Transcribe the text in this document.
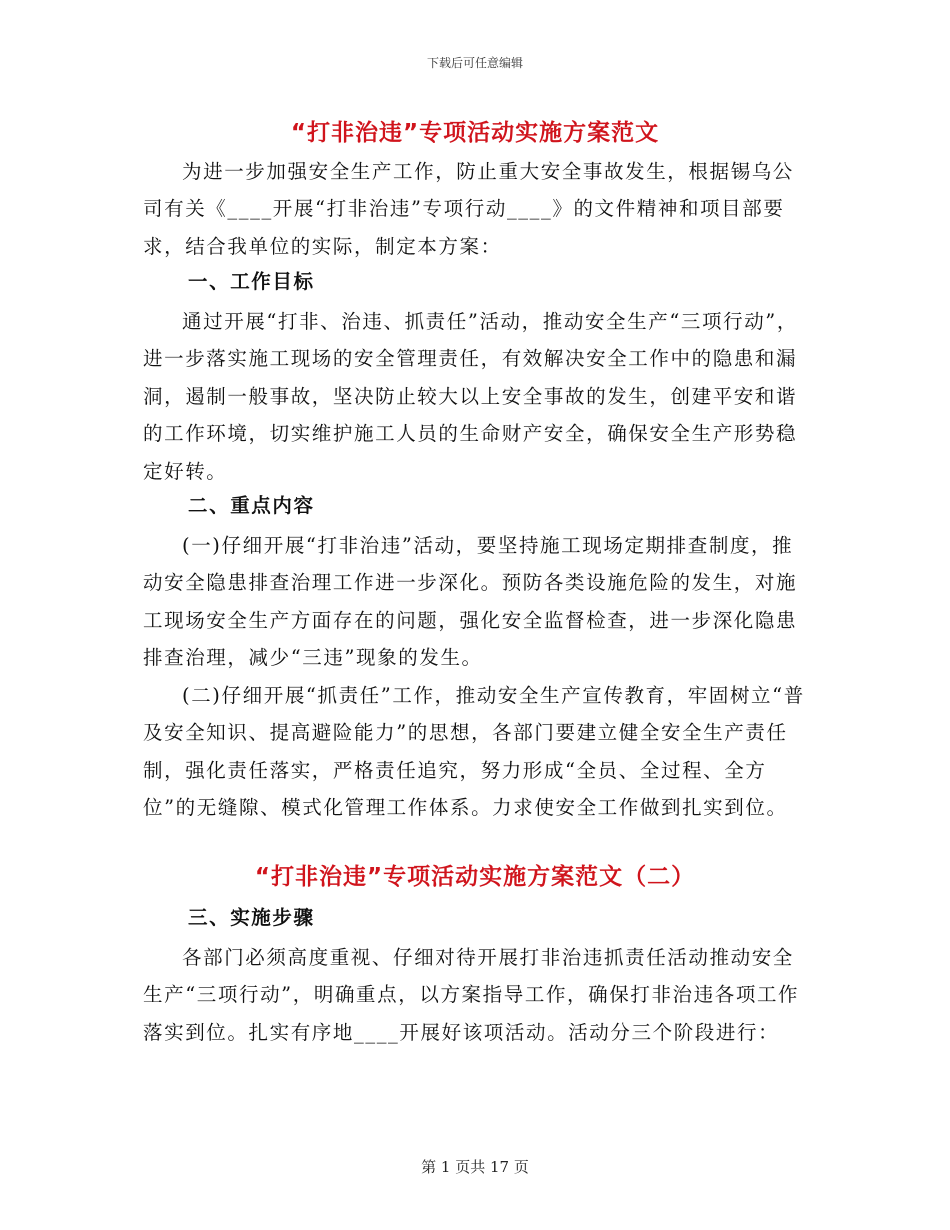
下载后可任意编辑
“打非治违”专项活动实施方案范文

为进一步加强安全生产工作，防止重大安全事故发生，根据锡乌公司有关《____开展“打非治违”专项行动____》的文件精神和项目部要求，结合我单位的实际，制定本方案：

一、工作目标

通过开展“打非、治违、抓责任”活动，推动安全生产“三项行动”，进一步落实施工现场的安全管理责任，有效解决安全工作中的隐患和漏洞，遏制一般事故，坚决防止较大以上安全事故的发生，创建平安和谐的工作环境，切实维护施工人员的生命财产安全，确保安全生产形势稳定好转。

二、重点内容

(一)仔细开展“打非治违”活动，要坚持施工现场定期排查制度，推动安全隐患排查治理工作进一步深化。预防各类设施危险的发生，对施工现场安全生产方面存在的问题，强化安全监督检查，进一步深化隐患排查治理，减少“三违”现象的发生。

(二)仔细开展“抓责任”工作，推动安全生产宣传教育，牢固树立“普及安全知识、提高避险能力”的思想，各部门要建立健全安全生产责任制，强化责任落实，严格责任追究，努力形成“全员、全过程、全方位”的无缝隙、模式化管理工作体系。力求使安全工作做到扎实到位。

“打非治违”专项活动实施方案范文（二）
三、实施步骤

各部门必须高度重视、仔细对待开展打非治违抓责任活动推动安全生产“三项行动”，明确重点，以方案指导工作，确保打非治违各项工作落实到位。扎实有序地____开展好该项活动。活动分三个阶段进行：

第 1 页共 17 页
